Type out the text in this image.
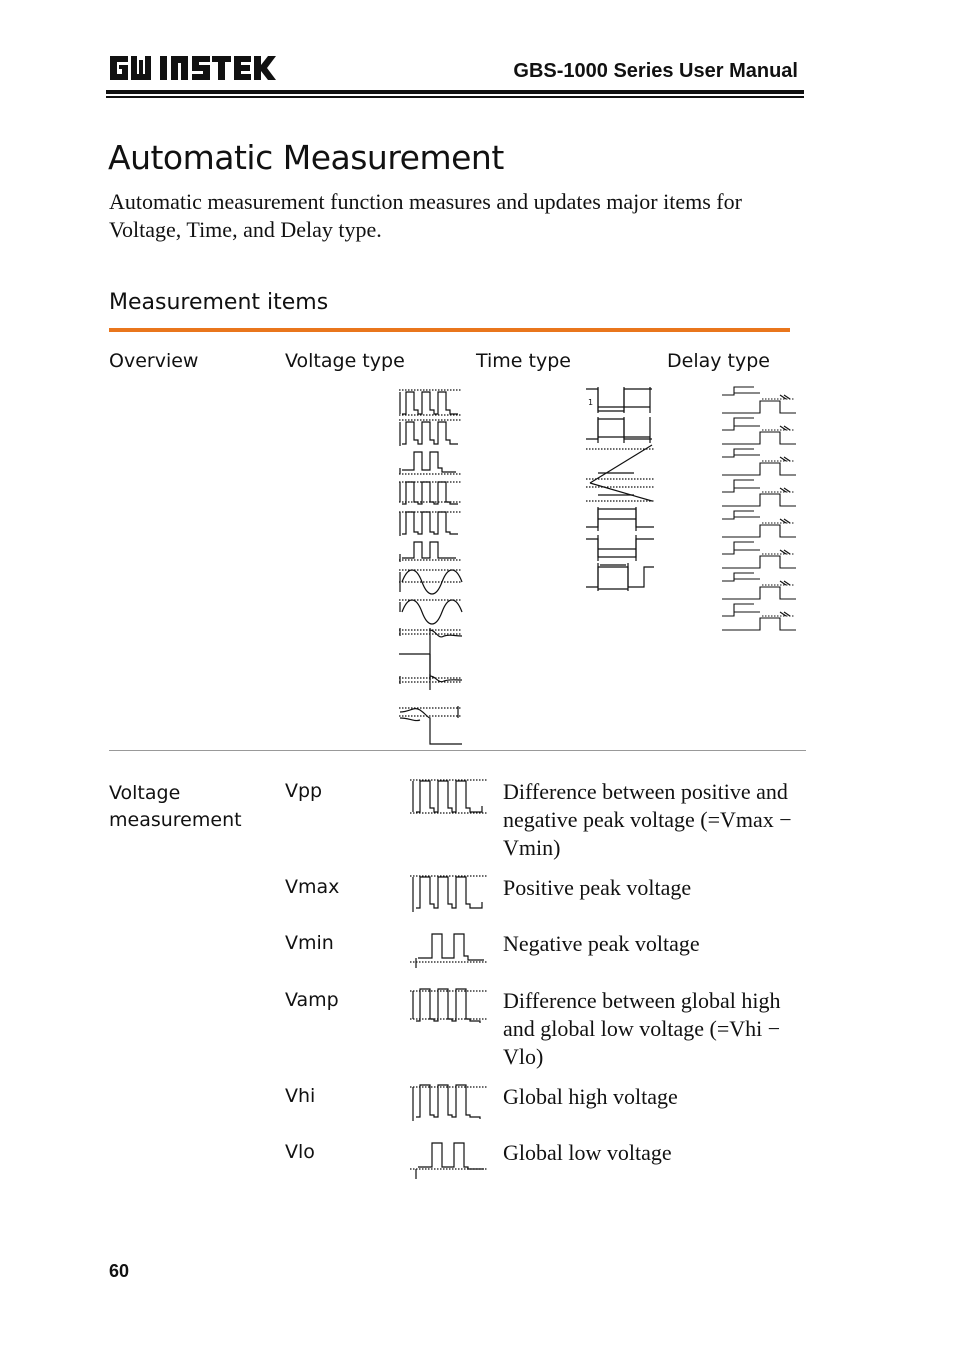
GBS-1000 Series User Manual
Automatic Measurement
Automatic measurement function measures and updates major items for Voltage, Time, and Delay type.
Measurement items
Overview	Voltage type	Time type	Delay type
1
Voltage
measurement
Vpp	Difference between positive and negative peak voltage (=Vmax − Vmin)
Vmax	Positive peak voltage
Vmin	Negative peak voltage
Vamp	Difference between global high and global low voltage (=Vhi − Vlo)
Vhi	Global high voltage
Vlo	Global low voltage
60
